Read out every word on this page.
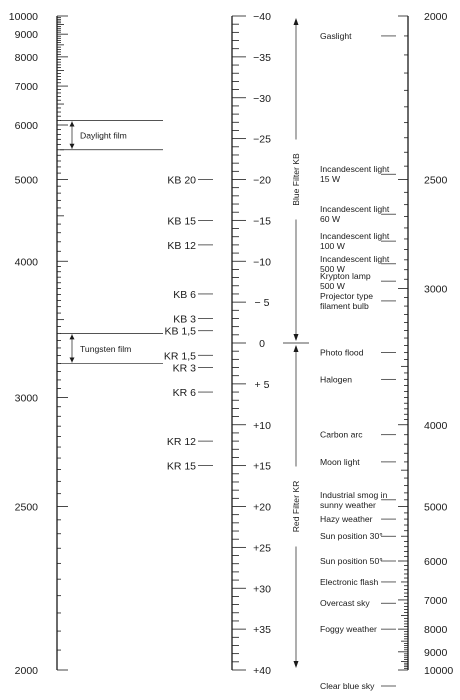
10000
9000
8000
7000
6000
5000
4000
3000
2500
2000
Daylight film
Tungsten film
−40
−35
−30
−25
−20
−15
−10
− 5
0
+ 5
+10
+15
+20
+25
+30
+35
+40
KB 20
KB 15
KB 12
KB 6
KB 3
KB 1,5
KR 1,5
KR 3
KR 6
KR 12
KR 15
Blue Filter KB
Red Filter KR
2000
2500
3000
4000
5000
6000
7000
8000
9000
10000
Gaslight
Incandescent light
15 W
Incandescent light
60 W
Incandescent light
100 W
Incandescent light
500 W
Krypton lamp
500 W
Projector type
filament bulb
Photo flood
Halogen
Carbon arc
Moon light
Industrial smog in
sunny weather
Hazy weather
Sun position 30°
Sun position 50°
Electronic flash
Overcast sky
Foggy weather
Clear blue sky
